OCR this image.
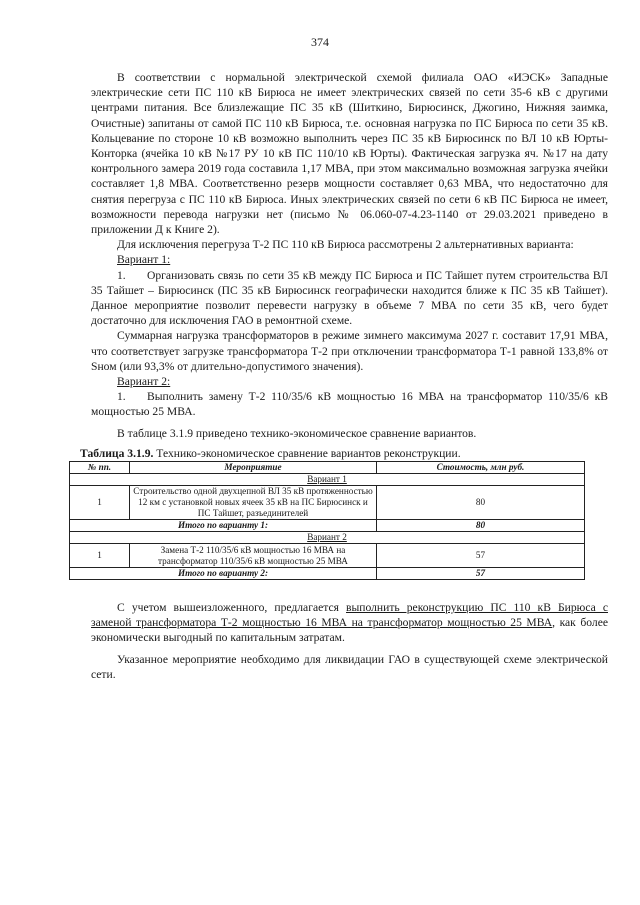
374

В соответствии с нормальной электрической схемой филиала ОАО «ИЭСК» Западные электрические сети ПС 110 кВ Бирюса не имеет электрических связей по сети 35-6 кВ с другими центрами питания. Все близлежащие ПС 35 кВ (Шиткино, Бирюсинск, Джогино, Нижняя заимка, Очистные) запитаны от самой ПС 110 кВ Бирюса, т.е. основная нагрузка по ПС Бирюса по сети 35 кВ. Кольцевание по стороне 10 кВ возможно выполнить через ПС 35 кВ Бирюсинск по ВЛ 10 кВ Юрты-Конторка (ячейка 10 кВ №17 РУ 10 кВ ПС 110/10 кВ Юрты). Фактическая загрузка яч. №17 на дату контрольного замера 2019 года составила 1,17 МВА, при этом максимально возможная загрузка ячейки составляет 1,8 МВА. Соответственно резерв мощности составляет 0,63 МВА, что недостаточно для снятия перегруза с ПС 110 кВ Бирюса. Иных электрических связей по сети 6 кВ ПС Бирюса не имеет, возможности перевода нагрузки нет (письмо № 06.060-07-4.23-1140 от 29.03.2021 приведено в приложении Д к Книге 2).

Для исключения перегруза Т-2 ПС 110 кВ Бирюса рассмотрены 2 альтернативных варианта:

Вариант 1:

1. Организовать связь по сети 35 кВ между ПС Бирюса и ПС Тайшет путем строительства ВЛ 35 Тайшет – Бирюсинск (ПС 35 кВ Бирюсинск географически находится ближе к ПС 35 кВ Тайшет). Данное мероприятие позволит перевести нагрузку в объеме 7 МВА по сети 35 кВ, чего будет достаточно для исключения ГАО в ремонтной схеме.

Суммарная нагрузка трансформаторов в режиме зимнего максимума 2027 г. составит 17,91 МВА, что соответствует загрузке трансформатора Т-2 при отключении трансформатора Т-1 равной 133,8% от Sном (или 93,3% от длительно-допустимого значения).

Вариант 2:

1. Выполнить замену Т-2 110/35/6 кВ мощностью 16 МВА на трансформатор 110/35/6 кВ мощностью 25 МВА.

В таблице 3.1.9 приведено технико-экономическое сравнение вариантов.

Таблица 3.1.9. Технико-экономическое сравнение вариантов реконструкции.
№ пп.	Мероприятие	Стоимость, млн руб.
Вариант 1		
1	Строительство одной двухцепной ВЛ 35 кВ протяженностью 12 км с установкой новых ячеек 35 кВ на ПС Бирюсинск и ПС Тайшет, разъединителей	80
Итого по варианту 1:		80
Вариант 2		
1	Замена Т-2 110/35/6 кВ мощностью 16 МВА на трансформатор 110/35/6 кВ мощностью 25 МВА	57
Итого по варианту 2:		57

С учетом вышеизложенного, предлагается выполнить реконструкцию ПС 110 кВ Бирюса с заменой трансформатора Т-2 мощностью 16 МВА на трансформатор мощностью 25 МВА, как более экономически выгодный по капитальным затратам.

Указанное мероприятие необходимо для ликвидации ГАО в существующей схеме электрической сети.
